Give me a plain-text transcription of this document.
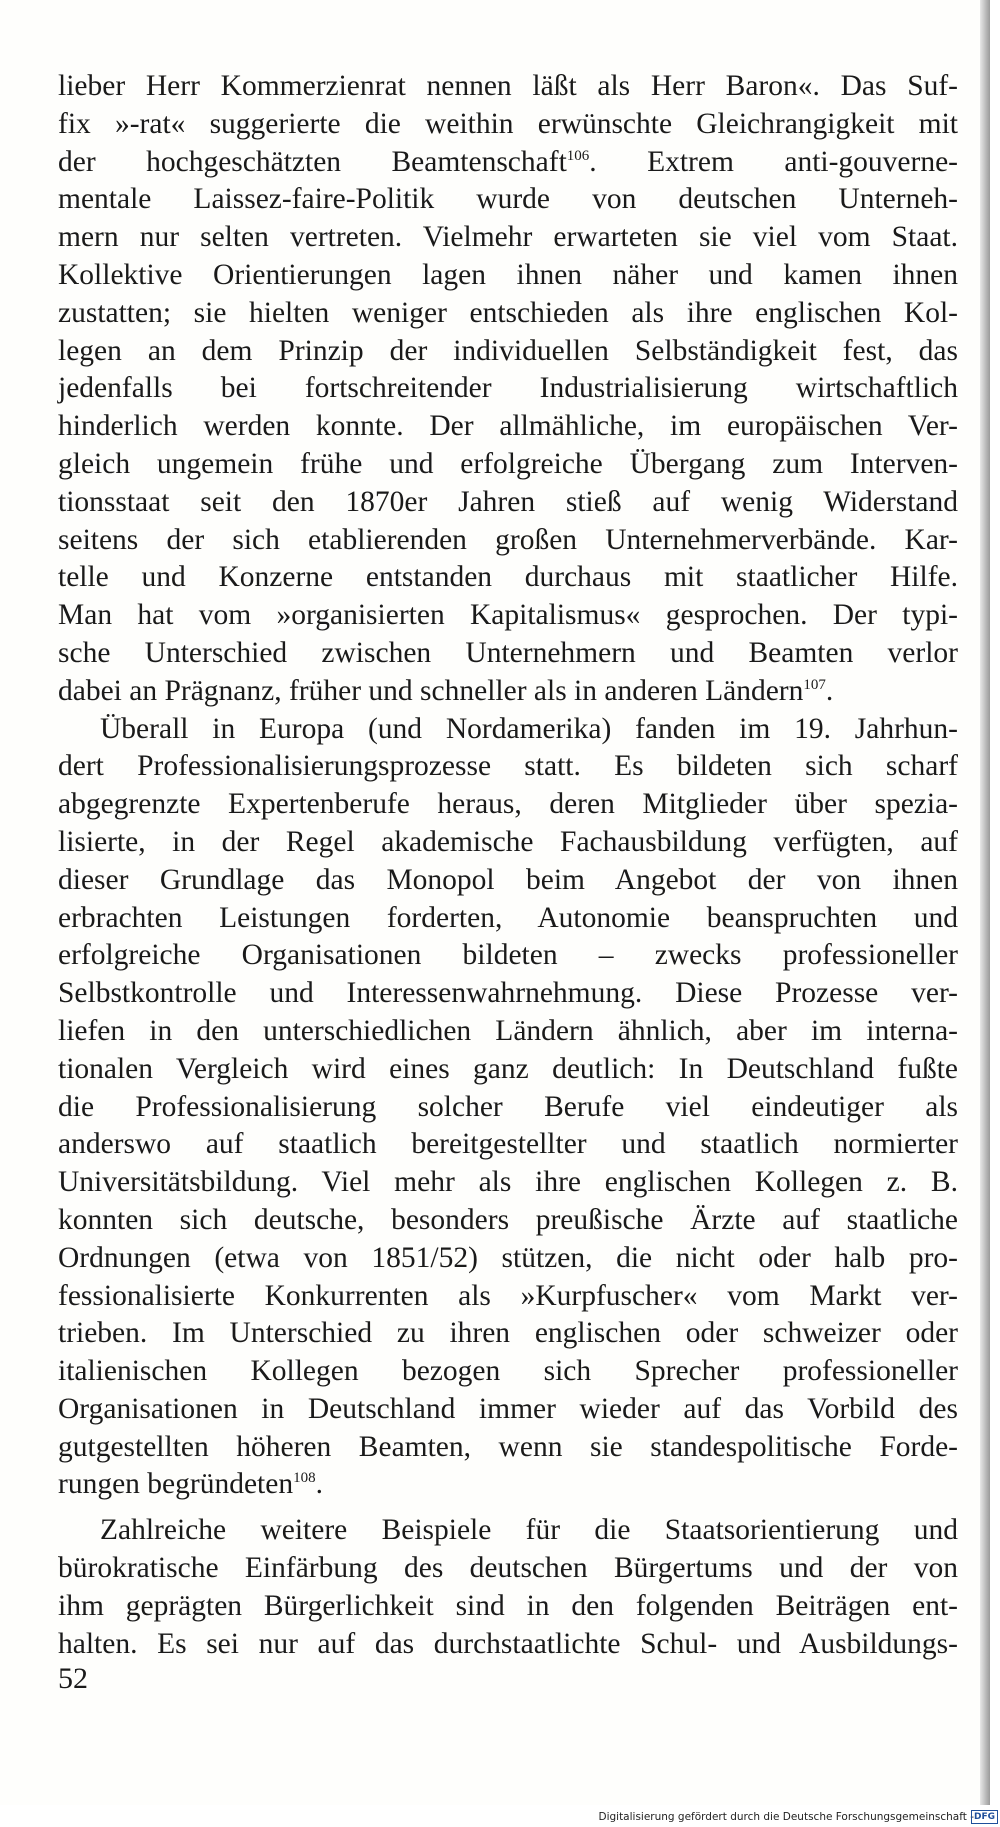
lieber Herr Kommerzienrat nennen läßt als Herr Baron«. Das Suf-
fix »-rat« suggerierte die weithin erwünschte Gleichrangigkeit mit
der hochgeschätzten Beamtenschaft$^{106}$. Extrem anti-gouverne-
mentale Laissez-faire-Politik wurde von deutschen Unterneh-
mern nur selten vertreten. Vielmehr erwarteten sie viel vom Staat.
Kollektive Orientierungen lagen ihnen näher und kamen ihnen
zustatten; sie hielten weniger entschieden als ihre englischen Kol-
legen an dem Prinzip der individuellen Selbständigkeit fest, das
jedenfalls bei fortschreitender Industrialisierung wirtschaftlich
hinderlich werden konnte. Der allmähliche, im europäischen Ver-
gleich ungemein frühe und erfolgreiche Übergang zum Interven-
tionsstaat seit den 1870er Jahren stieß auf wenig Widerstand
seitens der sich etablierenden großen Unternehmerverbände. Kar-
telle und Konzerne entstanden durchaus mit staatlicher Hilfe.
Man hat vom »organisierten Kapitalismus« gesprochen. Der typi-
sche Unterschied zwischen Unternehmern und Beamten verlor
dabei an Prägnanz, früher und schneller als in anderen Ländern$^{107}$.
Überall in Europa (und Nordamerika) fanden im 19. Jahrhun-
dert Professionalisierungsprozesse statt. Es bildeten sich scharf
abgegrenzte Expertenberufe heraus, deren Mitglieder über spezia-
lisierte, in der Regel akademische Fachausbildung verfügten, auf
dieser Grundlage das Monopol beim Angebot der von ihnen
erbrachten Leistungen forderten, Autonomie beanspruchten und
erfolgreiche Organisationen bildeten – zwecks professioneller
Selbstkontrolle und Interessenwahrnehmung. Diese Prozesse ver-
liefen in den unterschiedlichen Ländern ähnlich, aber im interna-
tionalen Vergleich wird eines ganz deutlich: In Deutschland fußte
die Professionalisierung solcher Berufe viel eindeutiger als
anderswo auf staatlich bereitgestellter und staatlich normierter
Universitätsbildung. Viel mehr als ihre englischen Kollegen z. B.
konnten sich deutsche, besonders preußische Ärzte auf staatliche
Ordnungen (etwa von 1851/52) stützen, die nicht oder halb pro-
fessionalisierte Konkurrenten als »Kurpfuscher« vom Markt ver-
trieben. Im Unterschied zu ihren englischen oder schweizer oder
italienischen Kollegen bezogen sich Sprecher professioneller
Organisationen in Deutschland immer wieder auf das Vorbild des
gutgestellten höheren Beamten, wenn sie standespolitische Forde-
rungen begründeten$^{108}$.
Zahlreiche weitere Beispiele für die Staatsorientierung und
bürokratische Einfärbung des deutschen Bürgertums und der von
ihm geprägten Bürgerlichkeit sind in den folgenden Beiträgen ent-
halten. Es sei nur auf das durchstaatlichte Schul- und Ausbildungs-
52
Digitalisierung gefördert durch die Deutsche Forschungsgemeinschaft - DFG
